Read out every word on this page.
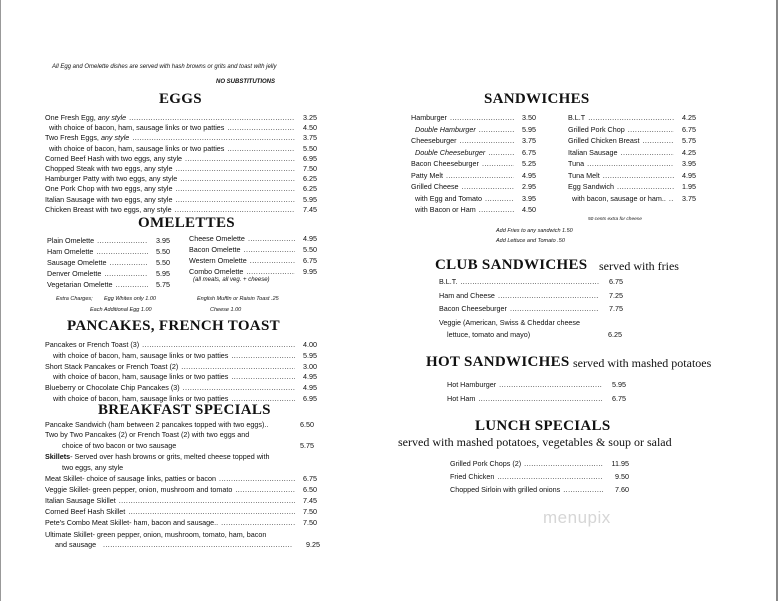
All Egg and Omelette dishes are served with hash browns or grits and toast with jelly
NO SUBSTITUTIONS
EGGS
One Fresh Egg, any style .....	3.25
with choice of bacon, ham, sausage links or two patties .....	4.50
Two Fresh Eggs, any style .....	3.75
with choice of bacon, ham, sausage links or two patties .....	5.50
Corned Beef Hash with two eggs, any style .....	6.95
Chopped Steak with two eggs, any style .....	7.50
Hamburger Patty with two eggs, any style .....	6.25
One Pork Chop with two eggs, any style .....	6.25
Italian Sausage with two eggs, any style .....	5.95
Chicken Breast with two eggs, any style .....	7.45
OMELETTES
Plain Omelette .....	3.95
Ham Omelette .....	5.50
Sausage Omelette .....	5.50
Denver Omelette .....	5.95
Vegetarian Omelette .....	5.75
Cheese Omelette .....	4.95
Bacon Omelette .....	5.50
Western Omelette .....	6.75
Combo Omelette .....	9.95
(all meats, all veg. + cheese)
Extra Charges; Egg Whites only 1.00	English Muffin or Raisin Toast .25
Each Additional Egg 1.00	Cheese 1.00
PANCAKES, FRENCH TOAST
Pancakes or French Toast (3) .....	4.00
with choice of bacon, ham, sausage links or two patties .....	5.95
Short Stack Pancakes or French Toast (2) .....	3.00
with choice of bacon, ham, sausage links or two patties .....	4.95
Blueberry or Chocolate Chip Pancakes (3) .....	4.95
with choice of bacon, ham, sausage links or two patties .....	6.95
BREAKFAST SPECIALS
Pancake Sandwich (ham between 2 pancakes topped with two eggs)..	6.50
Two by Two Pancakes (2) or French Toast (2) with two eggs and
choice of two bacon or two sausage	5.75
Skillets- Served over hash browns or grits, melted cheese topped with
two eggs, any style
Meat Skillet- choice of sausage links, patties or bacon .....	6.75
Veggie Skillet- green pepper, onion, mushroom and tomato .....	6.50
Italian Sausage Skillet .....	7.45
Corned Beef Hash Skillet .....	7.50
Pete's Combo Meat Skillet- ham, bacon and sausage.. .....	7.50
Ultimate Skillet- green pepper, onion, mushroom, tomato, ham, bacon
and sausage .....	9.25
SANDWICHES
Hamburger .....	3.50
Double Hamburger .....	5.95
Cheeseburger .....	3.75
Double Cheeseburger .....	6.75
Bacon Cheeseburger .....	5.25
Patty Melt .....	4.95
Grilled Cheese .....	2.95
with Egg and Tomato .....	3.95
with Bacon or Ham .....	4.50
B.L.T .....	4.25
Grilled Pork Chop .....	6.75
Grilled Chicken Breast .....	5.75
Italian Sausage .....	4.25
Tuna .....	3.95
Tuna Melt .....	4.95
Egg Sandwich .....	1.95
with bacon, sausage or ham.. .....	3.75
50 cents extra for cheese
Add Fries to any sandwich 1.50
Add Lettuce and Tomato .50
CLUB SANDWICHES served with fries
B.L.T. .....	6.75
Ham and Cheese .....	7.25
Bacon Cheeseburger .....	7.75
Veggie (American, Swiss & Cheddar cheese
lettuce, tomato and mayo)	6.25
HOT SANDWICHES served with mashed potatoes
Hot Hamburger .....	5.95
Hot Ham .....	6.75
LUNCH SPECIALS
served with mashed potatoes, vegetables & soup or salad
Grilled Pork Chops (2) .....	11.95
Fried Chicken .....	9.50
Chopped Sirloin with grilled onions .....	7.60
menupix
